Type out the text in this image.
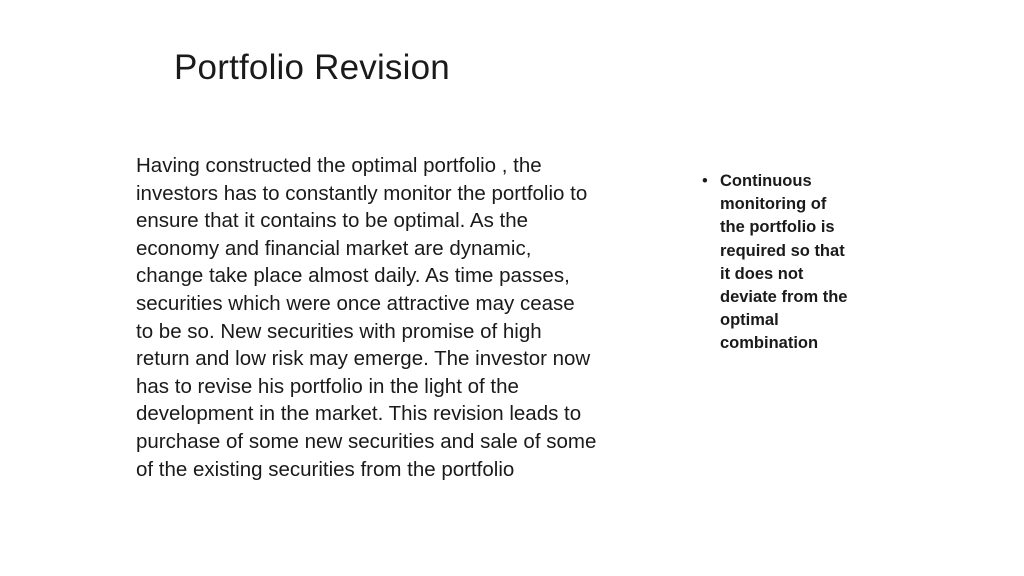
Portfolio Revision
Having constructed the optimal portfolio , the
investors has to constantly monitor the portfolio to
ensure that it contains to be optimal. As the
economy and financial market are dynamic,
change take place almost daily. As time passes,
securities which were once attractive may cease
to be so. New securities with promise of high
return and low risk may emerge. The investor now
has to revise his portfolio in the light of the
development in the market. This revision leads to
purchase of some new securities and sale of some
of the existing securities from the portfolio
• Continuous
monitoring of
the portfolio is
required so that
it does not
deviate from the
optimal
combination
